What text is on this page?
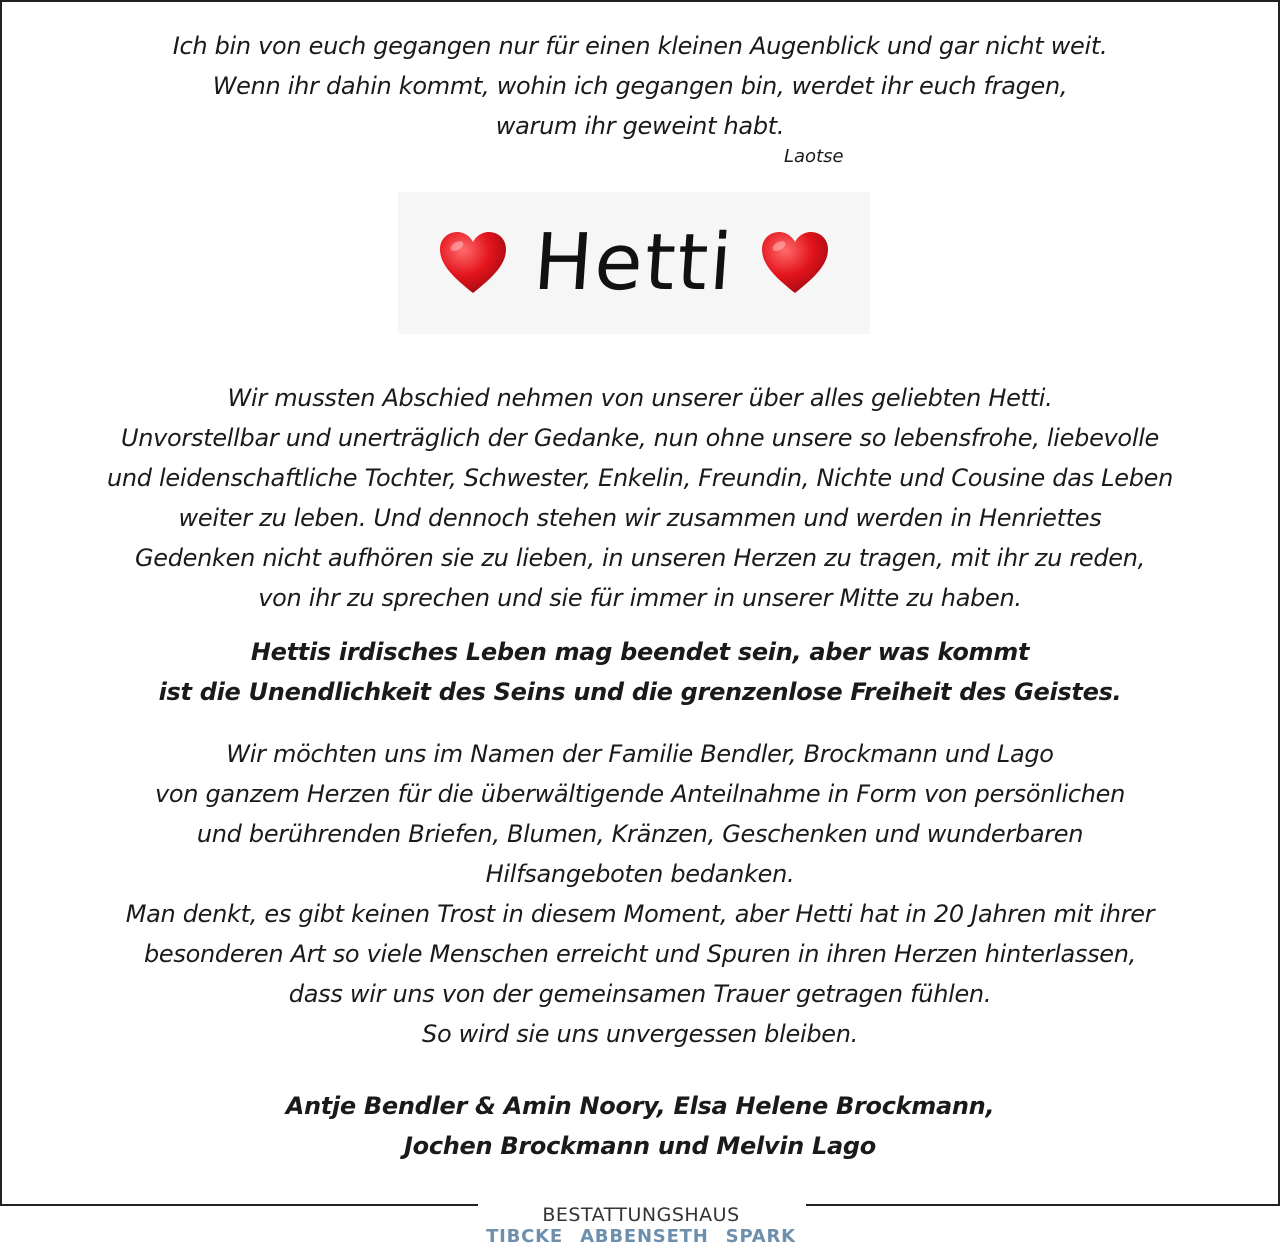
Ich bin von euch gegangen nur für einen kleinen Augenblick und gar nicht weit.

Wenn ihr dahin kommt, wohin ich gegangen bin, werdet ihr euch fragen,

warum ihr geweint habt.

Laotse
Hetti

Wir mussten Abschied nehmen von unserer über alles geliebten Hetti.

Unvorstellbar und unerträglich der Gedanke, nun ohne unsere so lebensfrohe, liebevolle

und leidenschaftliche Tochter, Schwester, Enkelin, Freundin, Nichte und Cousine das Leben

weiter zu leben. Und dennoch stehen wir zusammen und werden in Henriettes

Gedenken nicht aufhören sie zu lieben, in unseren Herzen zu tragen, mit ihr zu reden,

von ihr zu sprechen und sie für immer in unserer Mitte zu haben.

Hettis irdisches Leben mag beendet sein, aber was kommt

ist die Unendlichkeit des Seins und die grenzenlose Freiheit des Geistes.

Wir möchten uns im Namen der Familie Bendler, Brockmann und Lago

von ganzem Herzen für die überwältigende Anteilnahme in Form von persönlichen

und berührenden Briefen, Blumen, Kränzen, Geschenken und wunderbaren

Hilfsangeboten bedanken.

Man denkt, es gibt keinen Trost in diesem Moment, aber Hetti hat in 20 Jahren mit ihrer

besonderen Art so viele Menschen erreicht und Spuren in ihren Herzen hinterlassen,

dass wir uns von der gemeinsamen Trauer getragen fühlen.

So wird sie uns unvergessen bleiben.

Antje Bendler & Amin Noory, Elsa Helene Brockmann,

Jochen Brockmann und Melvin Lago

BESTATTUNGSHAUS
TIBCKE ABBENSETH SPARK
